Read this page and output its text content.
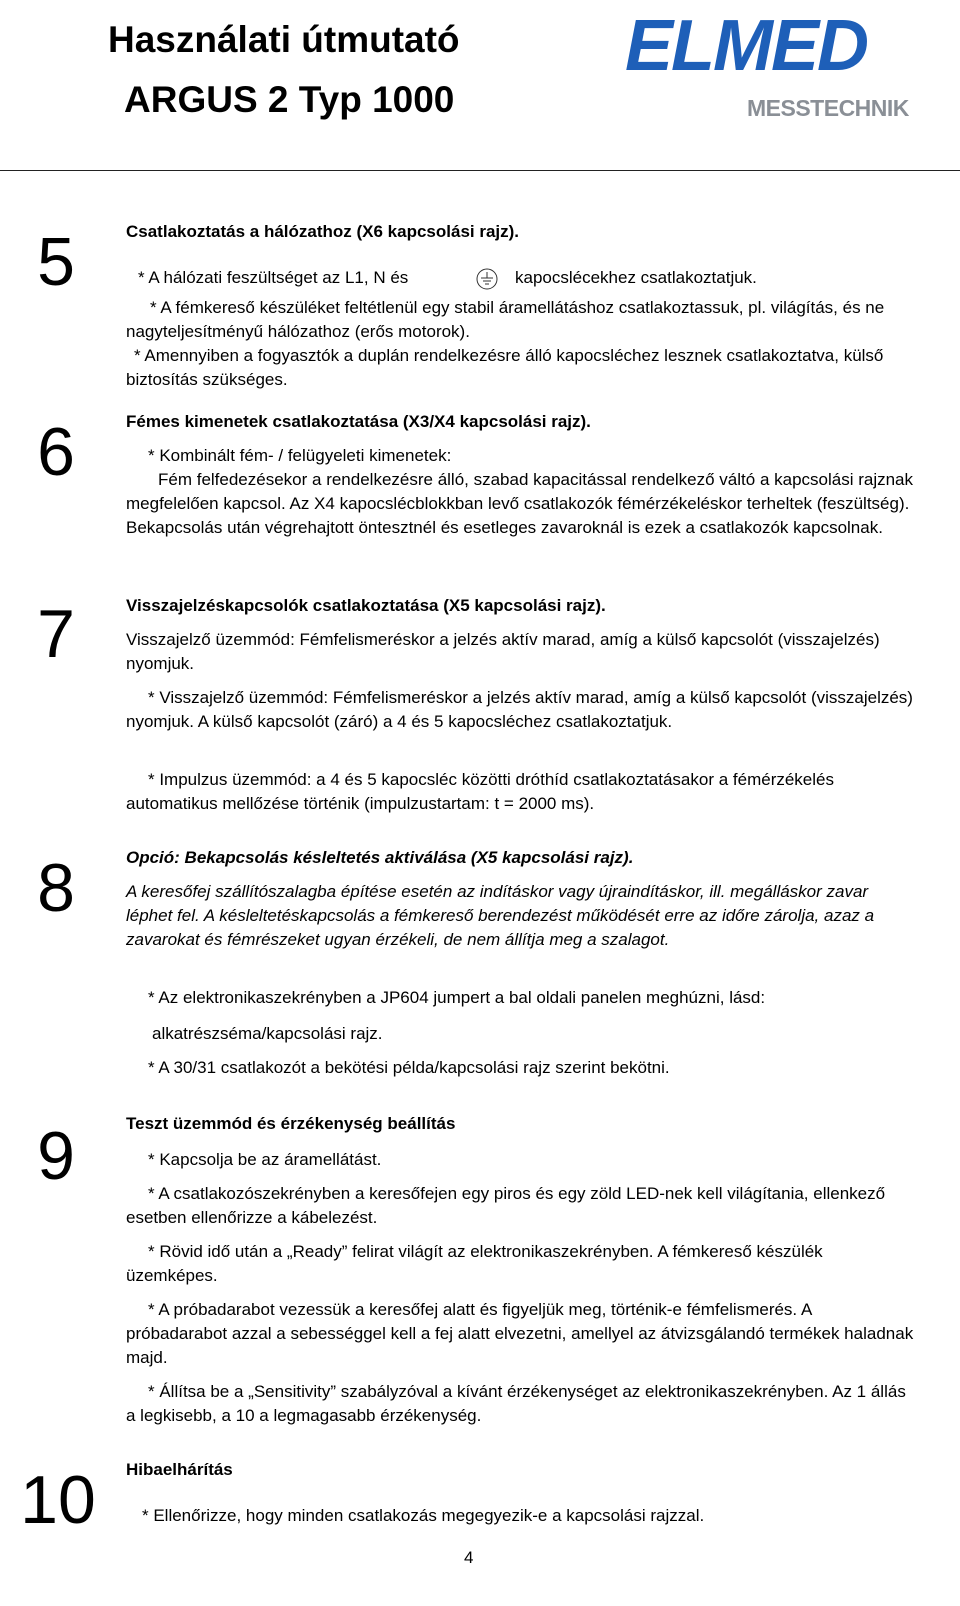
Használati útmutató
ARGUS 2 Typ 1000
ELMED
MESSTECHNIK
5	Csatlakoztatás a hálózathoz (X6 kapcsolási rajz).
* A hálózati feszültséget az L1, N és	kapocslécekhez csatlakoztatjuk.
* A fémkereső készüléket feltétlenül egy stabil áramellátáshoz csatlakoztassuk, pl. világítás, és ne nagyteljesítményű hálózathoz (erős motorok).
* Amennyiben a fogyasztók a duplán rendelkezésre álló kapocsléchez lesznek csatlakoztatva, külső biztosítás szükséges.
6	Fémes kimenetek csatlakoztatása (X3/X4 kapcsolási rajz).
* Kombinált fém- / felügyeleti kimenetek:
Fém felfedezésekor a rendelkezésre álló, szabad kapacitással rendelkező váltó a kapcsolási rajznak megfelelően kapcsol. Az X4 kapocslécblokkban levő csatlakozók fémérzékeléskor terheltek (feszültség). Bekapcsolás után végrehajtott öntesztnél és esetleges zavaroknál is ezek a csatlakozók kapcsolnak.
7	Visszajelzéskapcsolók csatlakoztatása (X5 kapcsolási rajz).
Visszajelző üzemmód: Fémfelismeréskor a jelzés aktív marad, amíg a külső kapcsolót (visszajelzés) nyomjuk.
* Visszajelző üzemmód: Fémfelismeréskor a jelzés aktív marad, amíg a külső kapcsolót (visszajelzés) nyomjuk. A külső kapcsolót (záró) a 4 és 5 kapocsléchez csatlakoztatjuk.
* Impulzus üzemmód: a 4 és 5 kapocsléc közötti dróthíd csatlakoztatásakor a fémérzékelés automatikus mellőzése történik (impulzustartam: t = 2000 ms).
8	Opció: Bekapcsolás késleltetés aktiválása (X5 kapcsolási rajz).
A keresőfej szállítószalagba építése esetén az indításkor vagy újraindításkor, ill. megálláskor zavar léphet fel. A késleltetéskapcsolás a fémkereső berendezést működését erre az időre zárolja, azaz a zavarokat és fémrészeket ugyan érzékeli, de nem állítja meg a szalagot.
* Az elektronikaszekrényben a JP604 jumpert a bal oldali panelen meghúzni, lásd:
alkatrészséma/kapcsolási rajz.
* A 30/31 csatlakozót a bekötési példa/kapcsolási rajz szerint bekötni.
9	Teszt üzemmód és érzékenység beállítás
* Kapcsolja be az áramellátást.
* A csatlakozószekrényben a keresőfejen egy piros és egy zöld LED-nek kell világítania, ellenkező esetben ellenőrizze a kábelezést.
* Rövid idő után a „Ready” felirat világít az elektronikaszekrényben. A fémkereső készülék üzemképes.
* A próbadarabot vezessük a keresőfej alatt és figyeljük meg, történik-e fémfelismerés. A próbadarabot azzal a sebességgel kell a fej alatt elvezetni, amellyel az átvizsgálandó termékek haladnak majd.
* Állítsa be a „Sensitivity” szabályzóval a kívánt érzékenységet az elektronikaszekrényben. Az 1 állás a legkisebb, a 10 a legmagasabb érzékenység.
10	Hibaelhárítás
* Ellenőrizze, hogy minden csatlakozás megegyezik-e a kapcsolási rajzzal.
4
